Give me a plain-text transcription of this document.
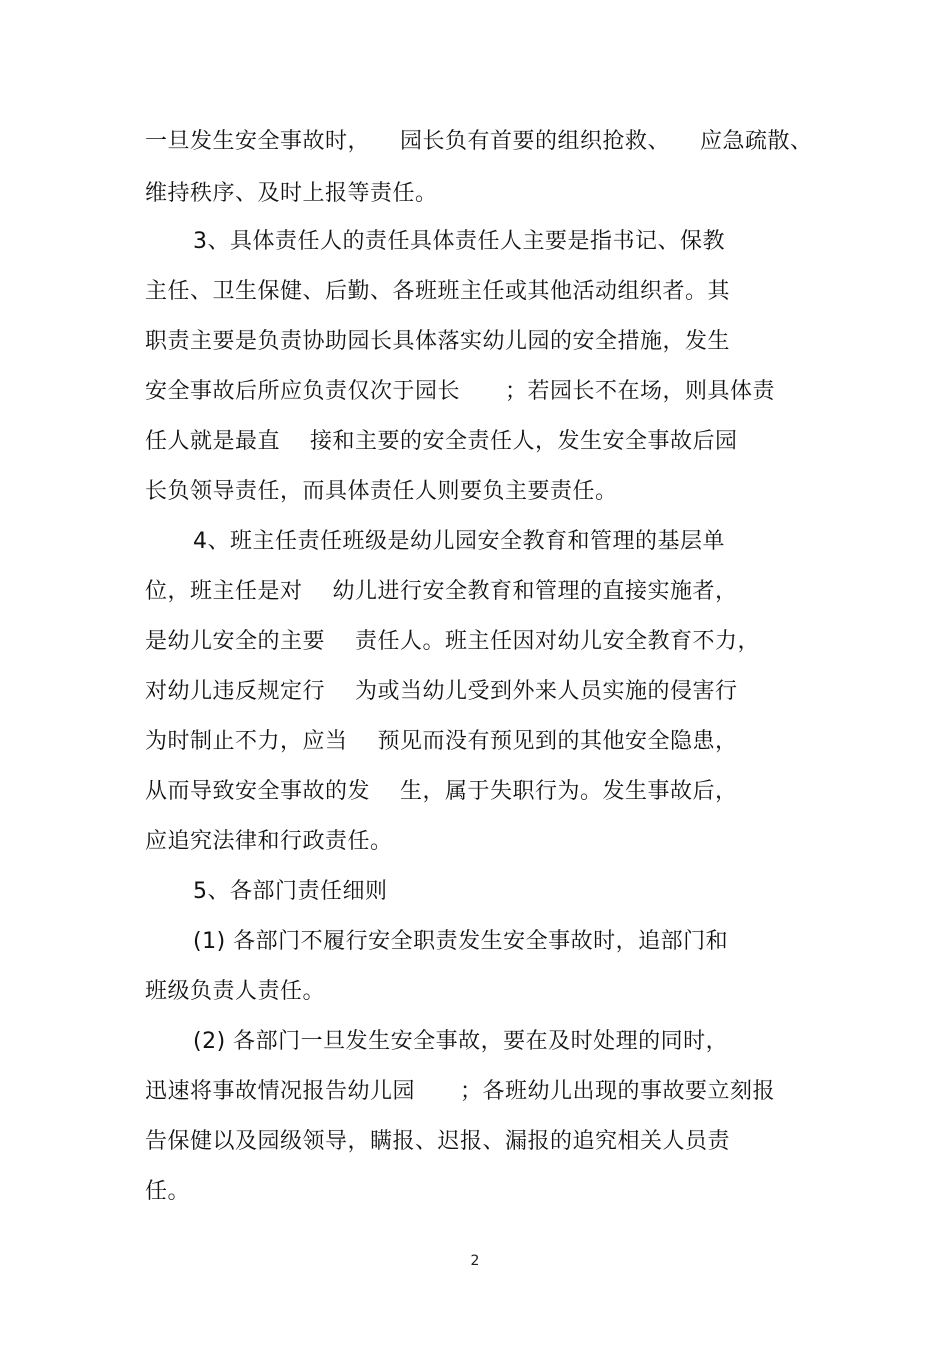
一旦发生安全事故时，    园长负有首要的组织抢救、    应急疏散、
维持秩序、及时上报等责任。
3、具体责任人的责任具体责任人主要是指书记、保教
主任、卫生保健、后勤、各班班主任或其他活动组织者。其
职责主要是负责协助园长具体落实幼儿园的安全措施，发生
安全事故后所应负责仅次于园长      ；若园长不在场，则具体责
任人就是最直    接和主要的安全责任人，发生安全事故后园
长负领导责任，而具体责任人则要负主要责任。
4、班主任责任班级是幼儿园安全教育和管理的基层单
位，班主任是对    幼儿进行安全教育和管理的直接实施者，
是幼儿安全的主要    责任人。班主任因对幼儿安全教育不力，
对幼儿违反规定行    为或当幼儿受到外来人员实施的侵害行
为时制止不力，应当    预见而没有预见到的其他安全隐患，
从而导致安全事故的发    生，属于失职行为。发生事故后，
应追究法律和行政责任。
5、各部门责任细则
(1) 各部门不履行安全职责发生安全事故时，追部门和
班级负责人责任。
(2) 各部门一旦发生安全事故，要在及时处理的同时，
迅速将事故情况报告幼儿园      ；各班幼儿出现的事故要立刻报
告保健以及园级领导，瞒报、迟报、漏报的追究相关人员责
任。
2
